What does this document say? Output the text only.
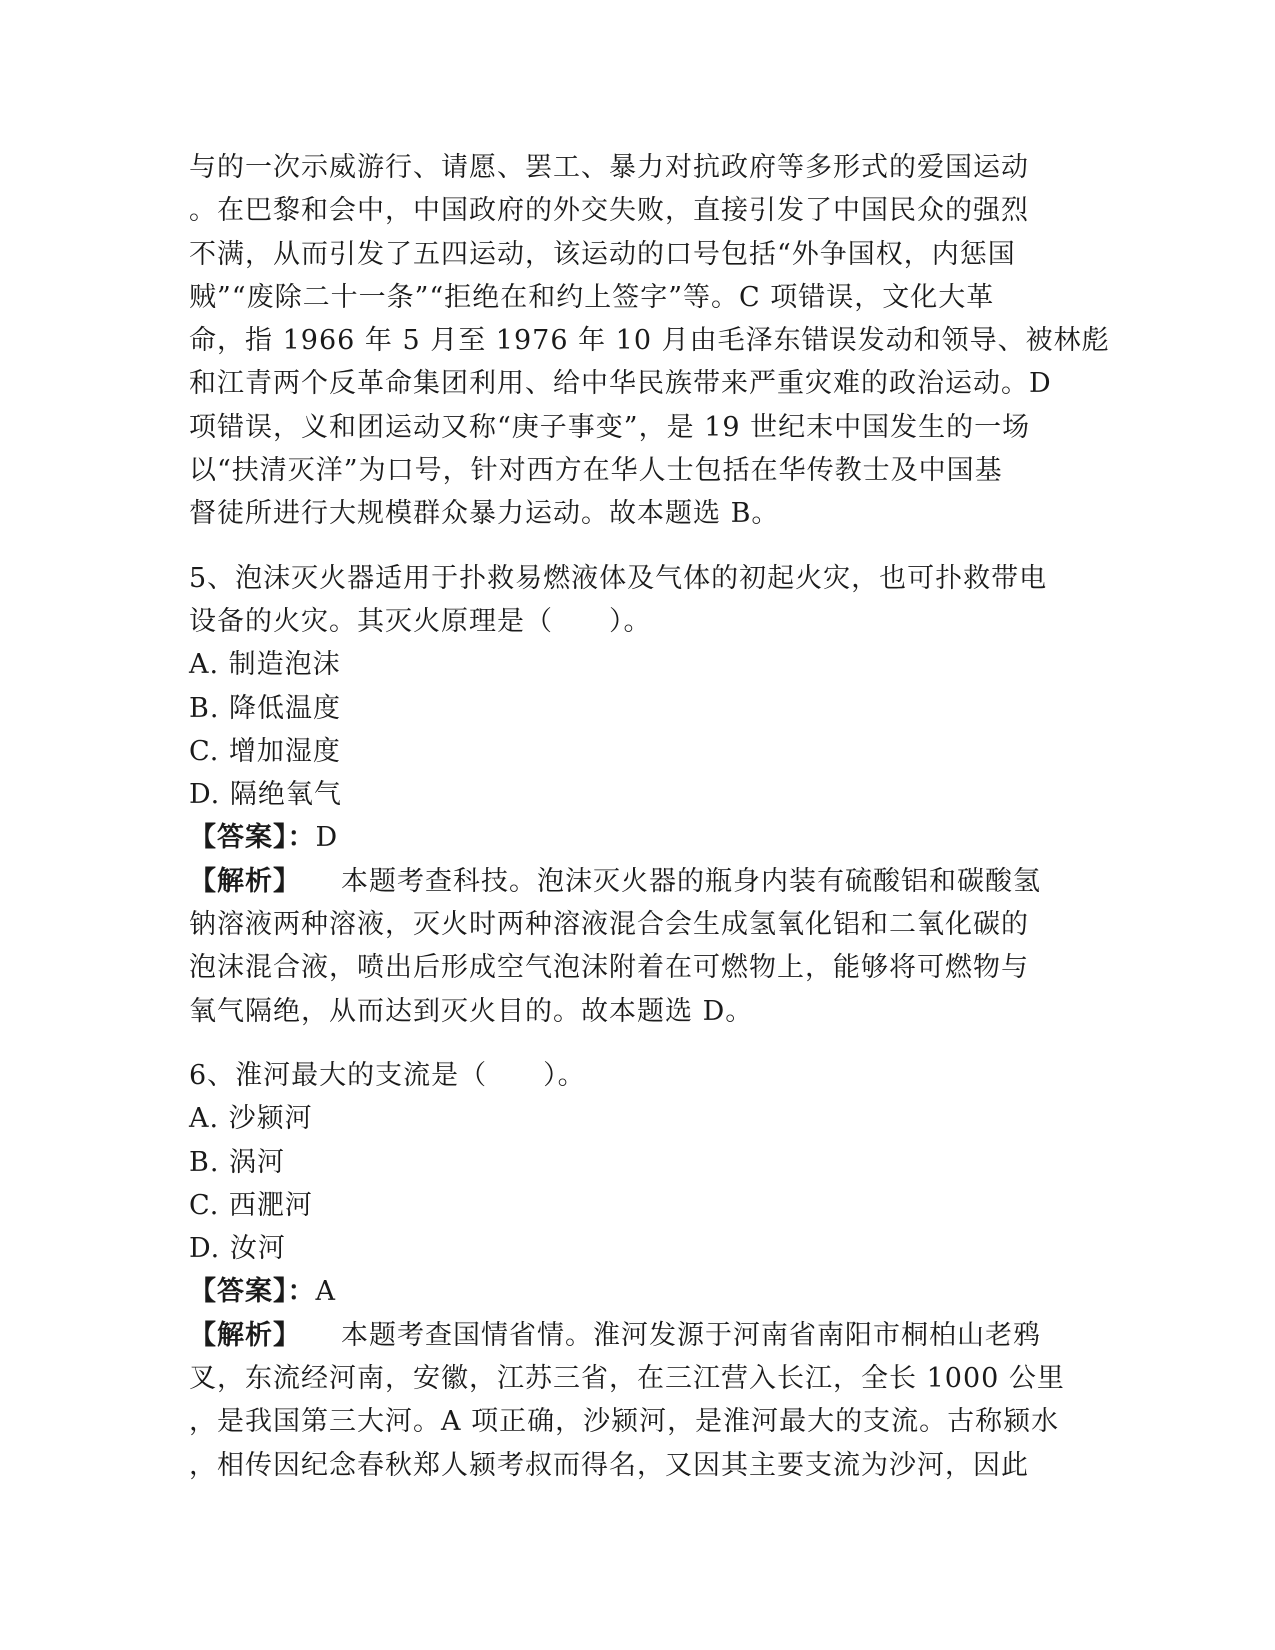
与的一次示威游行、请愿、罢工、暴力对抗政府等多形式的爱国运动
。在巴黎和会中，中国政府的外交失败，直接引发了中国民众的强烈
不满，从而引发了五四运动，该运动的口号包括“外争国权，内惩国
贼”“废除二十一条”“拒绝在和约上签字”等。C 项错误，文化大革
命，指 1966 年 5 月至 1976 年 10 月由毛泽东错误发动和领导、被林彪
和江青两个反革命集团利用、给中华民族带来严重灾难的政治运动。D
项错误，义和团运动又称“庚子事变”，是 19 世纪末中国发生的一场
以“扶清灭洋”为口号，针对西方在华人士包括在华传教士及中国基
督徒所进行大规模群众暴力运动。故本题选 B。
5、泡沫灭火器适用于扑救易燃液体及气体的初起火灾，也可扑救带电
设备的火灾。其灭火原理是（　　）。
A. 制造泡沫
B. 降低温度
C. 增加湿度
D. 隔绝氧气
【答案】：D
【解析】 本题考查科技。泡沫灭火器的瓶身内装有硫酸铝和碳酸氢
钠溶液两种溶液，灭火时两种溶液混合会生成氢氧化铝和二氧化碳的
泡沫混合液，喷出后形成空气泡沫附着在可燃物上，能够将可燃物与
氧气隔绝，从而达到灭火目的。故本题选 D。
6、淮河最大的支流是（　　）。
A. 沙颍河
B. 涡河
C. 西淝河
D. 汝河
【答案】：A
【解析】 本题考查国情省情。淮河发源于河南省南阳市桐柏山老鸦
叉，东流经河南，安徽，江苏三省，在三江营入长江，全长 1000 公里
，是我国第三大河。A 项正确，沙颍河，是淮河最大的支流。古称颍水
，相传因纪念春秋郑人颍考叔而得名，又因其主要支流为沙河，因此
